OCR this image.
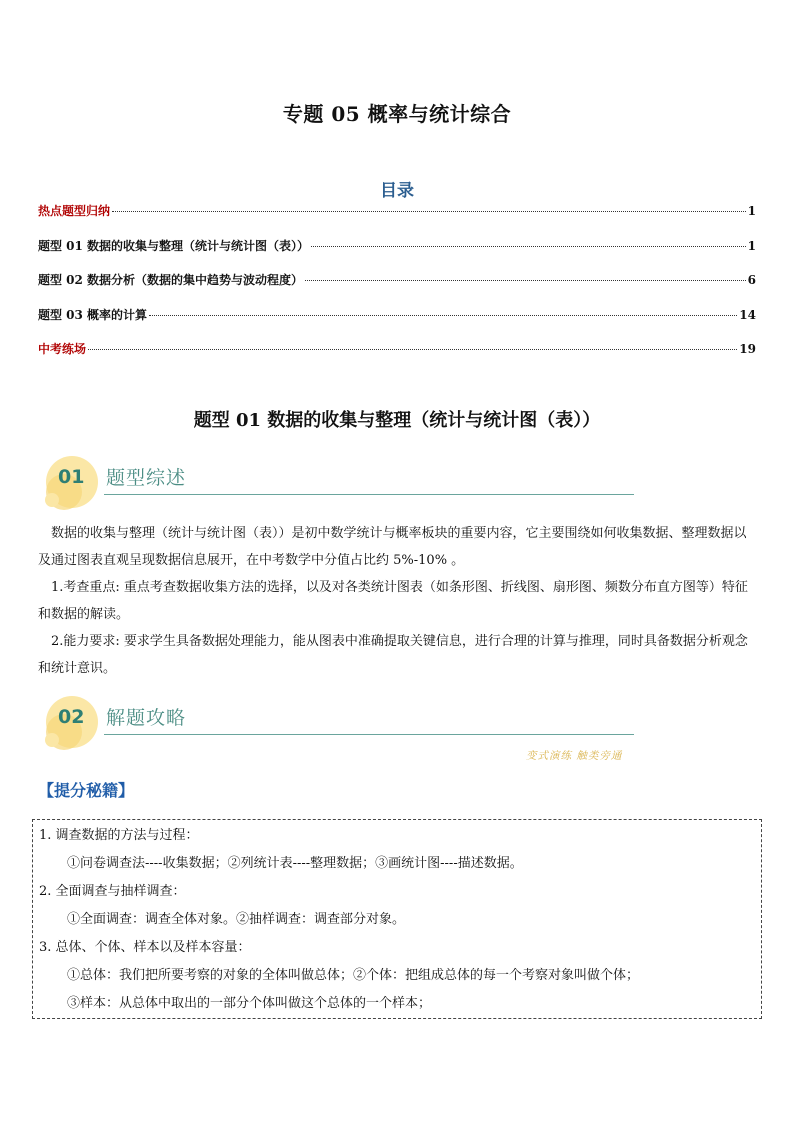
专题 05 概率与统计综合
目录
热点题型归纳	1
题型 01 数据的收集与整理（统计与统计图（表））	1
题型 02 数据分析（数据的集中趋势与波动程度）	6
题型 03 概率的计算	14
中考练场	19
题型 01 数据的收集与整理（统计与统计图（表））
01 题型综述
数据的收集与整理（统计与统计图（表））是初中数学统计与概率板块的重要内容，它主要围绕如何收集数据、整理数据以及通过图表直观呈现数据信息展开，在中考数学中分值占比约 5%-10% 。
1.考查重点: 重点考查数据收集方法的选择，以及对各类统计图表（如条形图、折线图、扇形图、频数分布直方图等）特征和数据的解读。
2.能力要求: 要求学生具备数据处理能力，能从图表中准确提取关键信息，进行合理的计算与推理，同时具备数据分析观念和统计意识。
02 解题攻略
变式演练 触类旁通
【提分秘籍】
1. 调查数据的方法与过程：
①问卷调查法----收集数据；②列统计表----整理数据；③画统计图----描述数据。
2. 全面调查与抽样调查：
①全面调查：调查全体对象。②抽样调查：调查部分对象。
3. 总体、个体、样本以及样本容量：
①总体：我们把所要考察的对象的全体叫做总体；②个体：把组成总体的每一个考察对象叫做个体；
③样本：从总体中取出的一部分个体叫做这个总体的一个样本；
